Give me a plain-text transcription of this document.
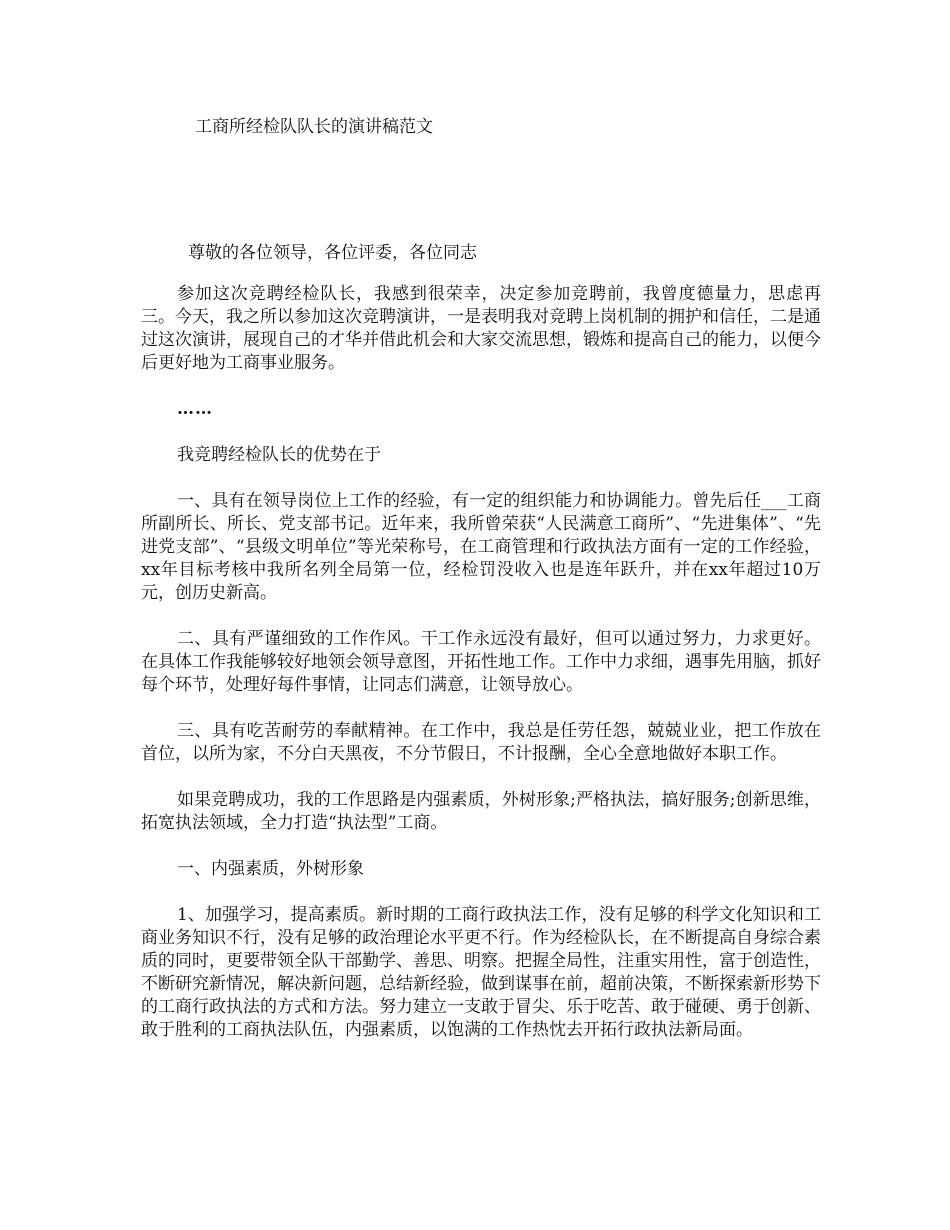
工商所经检队队长的演讲稿范文
尊敬的各位领导，各位评委，各位同志

参加这次竞聘经检队长，我感到很荣幸，决定参加竞聘前，我曾度德量力，思虑再三。今天，我之所以参加这次竞聘演讲，一是表明我对竞聘上岗机制的拥护和信任，二是通过这次演讲，展现自己的才华并借此机会和大家交流思想，锻炼和提高自己的能力，以便今后更好地为工商事业服务。

……

我竞聘经检队长的优势在于

一、具有在领导岗位上工作的经验，有一定的组织能力和协调能力。曾先后任___工商所副所长、所长、党支部书记。近年来，我所曾荣获“人民满意工商所”、“先进集体”、“先进党支部”、“县级文明单位”等光荣称号，在工商管理和行政执法方面有一定的工作经验，xx年目标考核中我所名列全局第一位，经检罚没收入也是连年跃升，并在xx年超过10万元，创历史新高。

二、具有严谨细致的工作作风。干工作永远没有最好，但可以通过努力，力求更好。在具体工作我能够较好地领会领导意图，开拓性地工作。工作中力求细，遇事先用脑，抓好每个环节，处理好每件事情，让同志们满意，让领导放心。

三、具有吃苦耐劳的奉献精神。在工作中，我总是任劳任怨，兢兢业业，把工作放在首位，以所为家，不分白天黑夜，不分节假日，不计报酬，全心全意地做好本职工作。

如果竞聘成功，我的工作思路是内强素质，外树形象;严格执法，搞好服务;创新思维，拓宽执法领域，全力打造“执法型”工商。

一、内强素质，外树形象

1、加强学习，提高素质。新时期的工商行政执法工作，没有足够的科学文化知识和工商业务知识不行，没有足够的政治理论水平更不行。作为经检队长，在不断提高自身综合素质的同时，更要带领全队干部勤学、善思、明察。把握全局性，注重实用性，富于创造性，不断研究新情况，解决新问题，总结新经验，做到谋事在前，超前决策，不断探索新形势下的工商行政执法的方式和方法。努力建立一支敢于冒尖、乐于吃苦、敢于碰硬、勇于创新、敢于胜利的工商执法队伍，内强素质，以饱满的工作热忱去开拓行政执法新局面。
